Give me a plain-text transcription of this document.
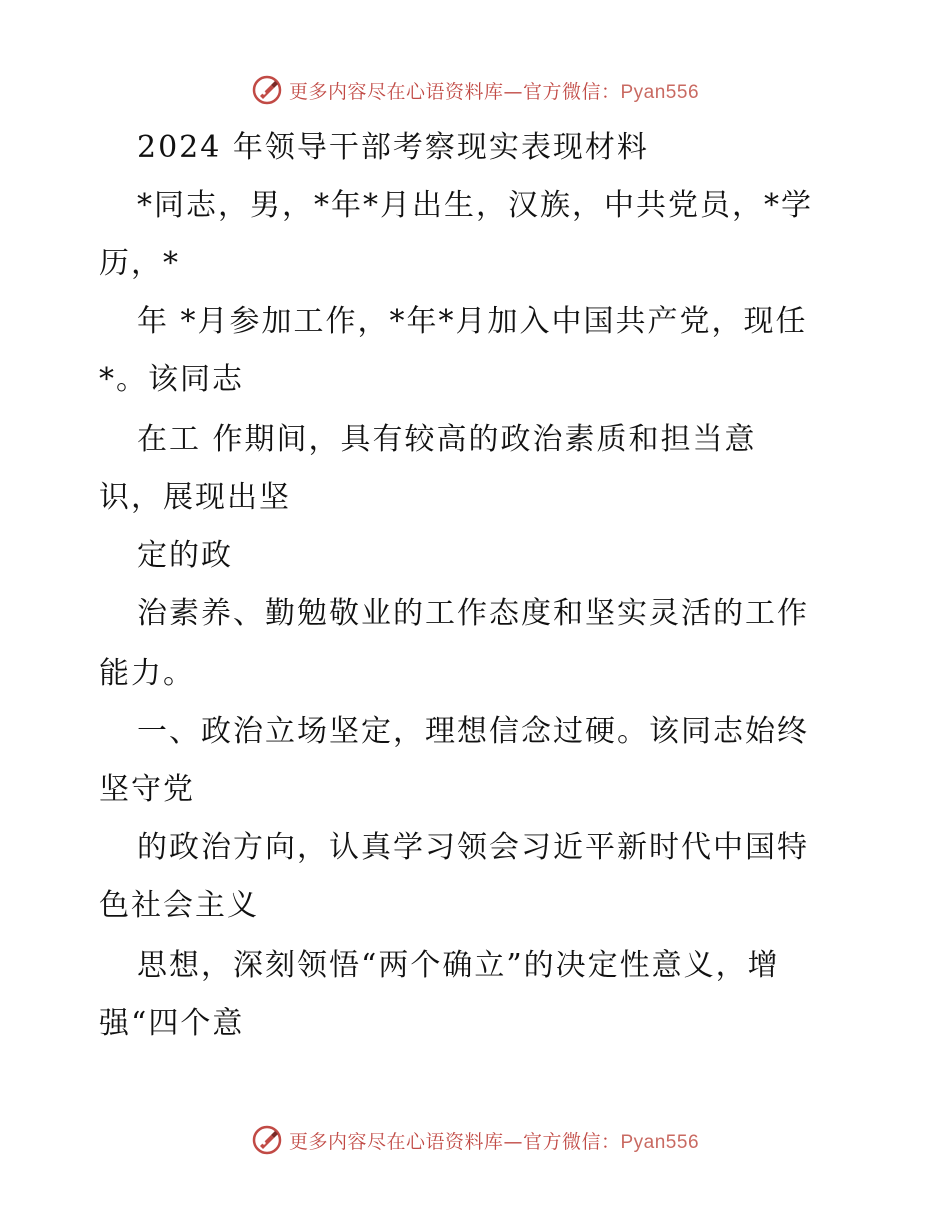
更多内容尽在心语资料库—官方微信：Pyan556
2024 年领导干部考察现实表现材料
*同志，男，*年*月出生，汉族，中共党员，*学
历，*
年 *月参加工作，*年*月加入中国共产党，现任
*。该同志
在工 作期间，具有较高的政治素质和担当意
识，展现出坚
定的政
治素养、勤勉敬业的工作态度和坚实灵活的工作
能力。
一、政治立场坚定，理想信念过硬。该同志始终
坚守党
的政治方向，认真学习领会习近平新时代中国特
色社会主义
思想，深刻领悟“两个确立”的决定性意义，增
强“四个意
更多内容尽在心语资料库—官方微信：Pyan556
